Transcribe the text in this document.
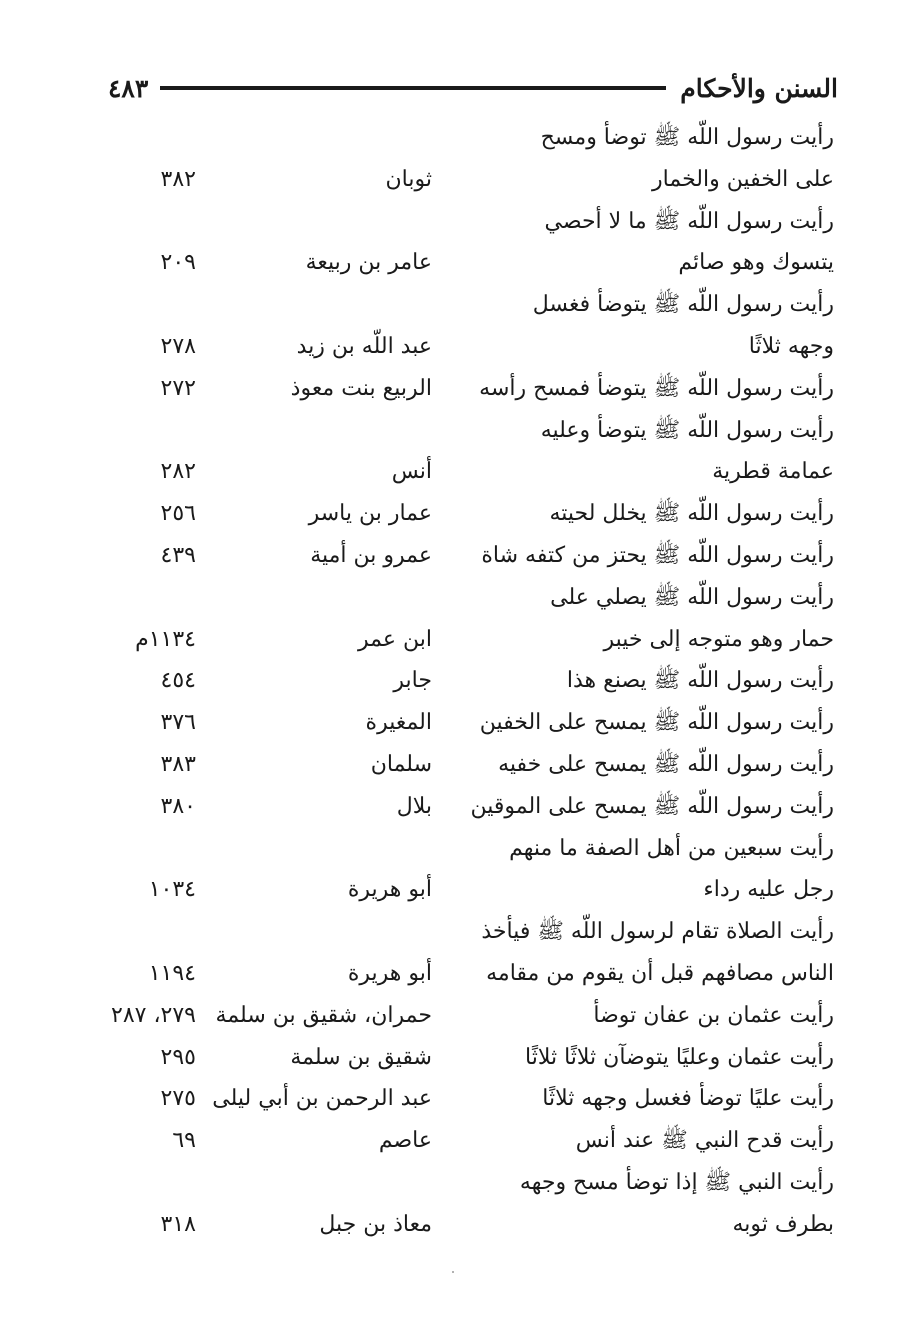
٤٨٣	السنن والأحكام
رأيت رسول اللّه ﷺ توضأ ومسح
على الخفين والخمار
ثوبان
٣٨٢
رأيت رسول اللّه ﷺ ما لا أحصي
يتسوك وهو صائم
عامر بن ربيعة
٢٠٩
رأيت رسول اللّه ﷺ يتوضأ فغسل
وجهه ثلاثًا
عبد اللّه بن زيد
٢٧٨
رأيت رسول اللّه ﷺ يتوضأ فمسح رأسه
الربيع بنت معوذ
٢٧٢
رأيت رسول اللّه ﷺ يتوضأ وعليه
عمامة قطرية
أنس
٢٨٢
رأيت رسول اللّه ﷺ يخلل لحيته
عمار بن ياسر
٢٥٦
رأيت رسول اللّه ﷺ يحتز من كتفه شاة
عمرو بن أمية
٤٣٩
رأيت رسول اللّه ﷺ يصلي على
حمار وهو متوجه إلى خيبر
ابن عمر
١١٣٤م
رأيت رسول اللّه ﷺ يصنع هذا
جابر
٤٥٤
رأيت رسول اللّه ﷺ يمسح على الخفين
المغيرة
٣٧٦
رأيت رسول اللّه ﷺ يمسح على خفيه
سلمان
٣٨٣
رأيت رسول اللّه ﷺ يمسح على الموقين
بلال
٣٨٠
رأيت سبعين من أهل الصفة ما منهم
رجل عليه رداء
أبو هريرة
١٠٣٤
رأيت الصلاة تقام لرسول اللّه ﷺ فيأخذ
الناس مصافهم قبل أن يقوم من مقامه
أبو هريرة
١١٩٤
رأيت عثمان بن عفان توضأ
حمران، شقيق بن سلمة
٢٧٩، ٢٨٧
رأيت عثمان وعليًا يتوضآن ثلاثًا ثلاثًا
شقيق بن سلمة
٢٩٥
رأيت عليًا توضأ فغسل وجهه ثلاثًا
عبد الرحمن بن أبي ليلى
٢٧٥
رأيت قدح النبي ﷺ عند أنس
عاصم
٦٩
رأيت النبي ﷺ إذا توضأ مسح وجهه
بطرف ثوبه
معاذ بن جبل
٣١٨
